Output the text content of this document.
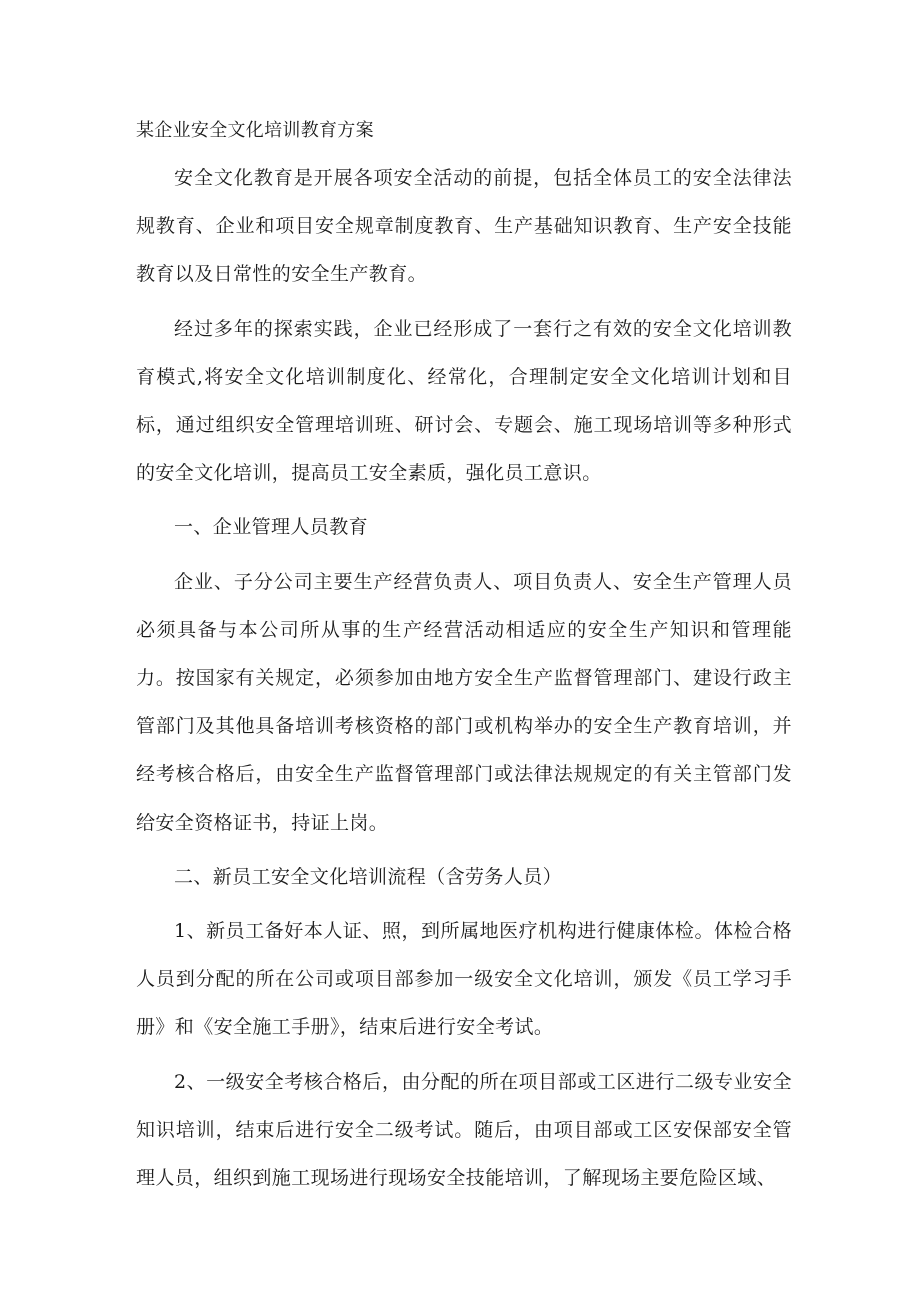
某企业安全文化培训教育方案

安全文化教育是开展各项安全活动的前提，包括全体员工的安全法律法规教育、企业和项目安全规章制度教育、生产基础知识教育、生产安全技能教育以及日常性的安全生产教育。

经过多年的探索实践，企业已经形成了一套行之有效的安全文化培训教育模式,将安全文化培训制度化、经常化，合理制定安全文化培训计划和目标，通过组织安全管理培训班、研讨会、专题会、施工现场培训等多种形式的安全文化培训，提高员工安全素质，强化员工意识。

一、企业管理人员教育

企业、子分公司主要生产经营负责人、项目负责人、安全生产管理人员必须具备与本公司所从事的生产经营活动相适应的安全生产知识和管理能力。按国家有关规定，必须参加由地方安全生产监督管理部门、建设行政主管部门及其他具备培训考核资格的部门或机构举办的安全生产教育培训，并经考核合格后，由安全生产监督管理部门或法律法规规定的有关主管部门发给安全资格证书，持证上岗。

二、新员工安全文化培训流程（含劳务人员）

1、新员工备好本人证、照，到所属地医疗机构进行健康体检。体检合格人员到分配的所在公司或项目部参加一级安全文化培训，颁发《员工学习手册》和《安全施工手册》，结束后进行安全考试。

2、一级安全考核合格后，由分配的所在项目部或工区进行二级专业安全知识培训，结束后进行安全二级考试。随后，由项目部或工区安保部安全管理人员，组织到施工现场进行现场安全技能培训，了解现场主要危险区域、
